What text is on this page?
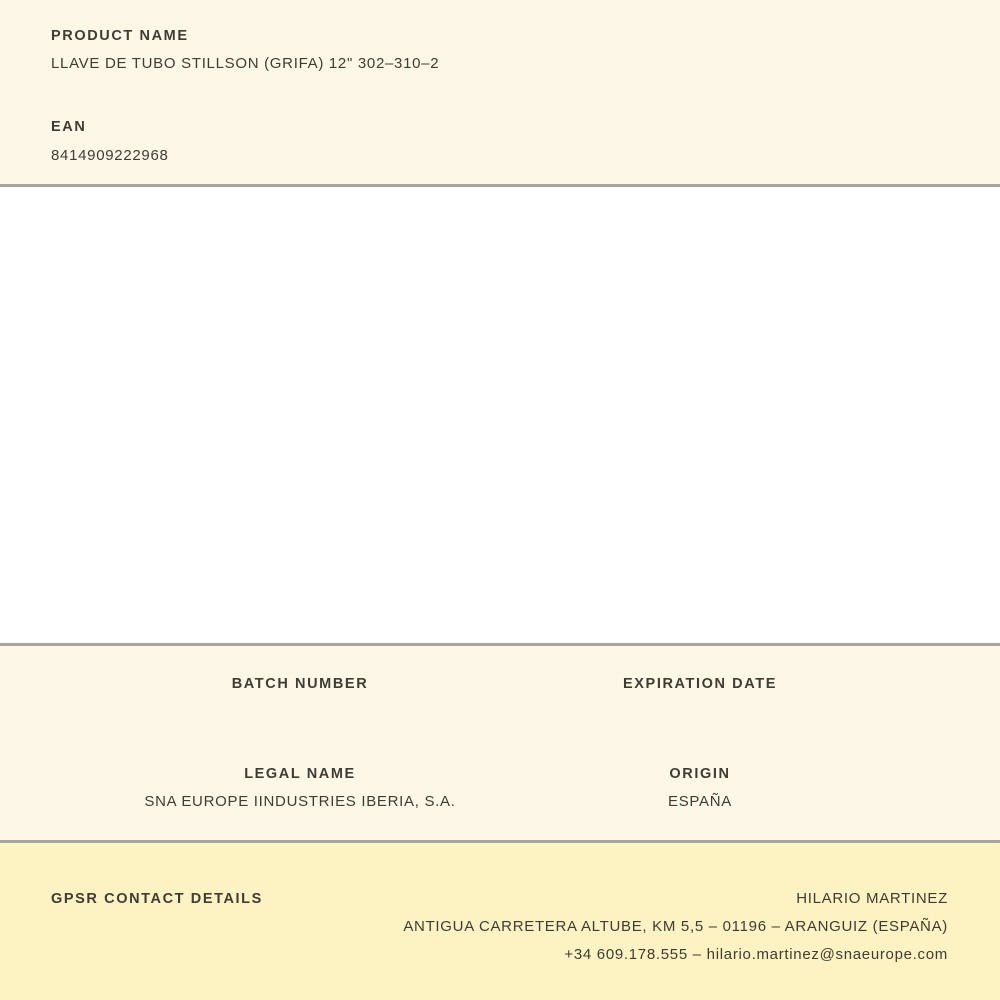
PRODUCT NAME
LLAVE DE TUBO STILLSON (GRIFA) 12" 302–310–2
EAN
8414909222968
BATCH NUMBER	EXPIRATION DATE
LEGAL NAME
SNA EUROPE IINDUSTRIES IBERIA, S.A.
ORIGIN
ESPAÑA
GPSR CONTACT DETAILS	HILARIO MARTINEZ
ANTIGUA CARRETERA ALTUBE, KM 5,5 – 01196 – ARANGUIZ (ESPAÑA)
+34 609.178.555 – hilario.martinez@snaeurope.com
